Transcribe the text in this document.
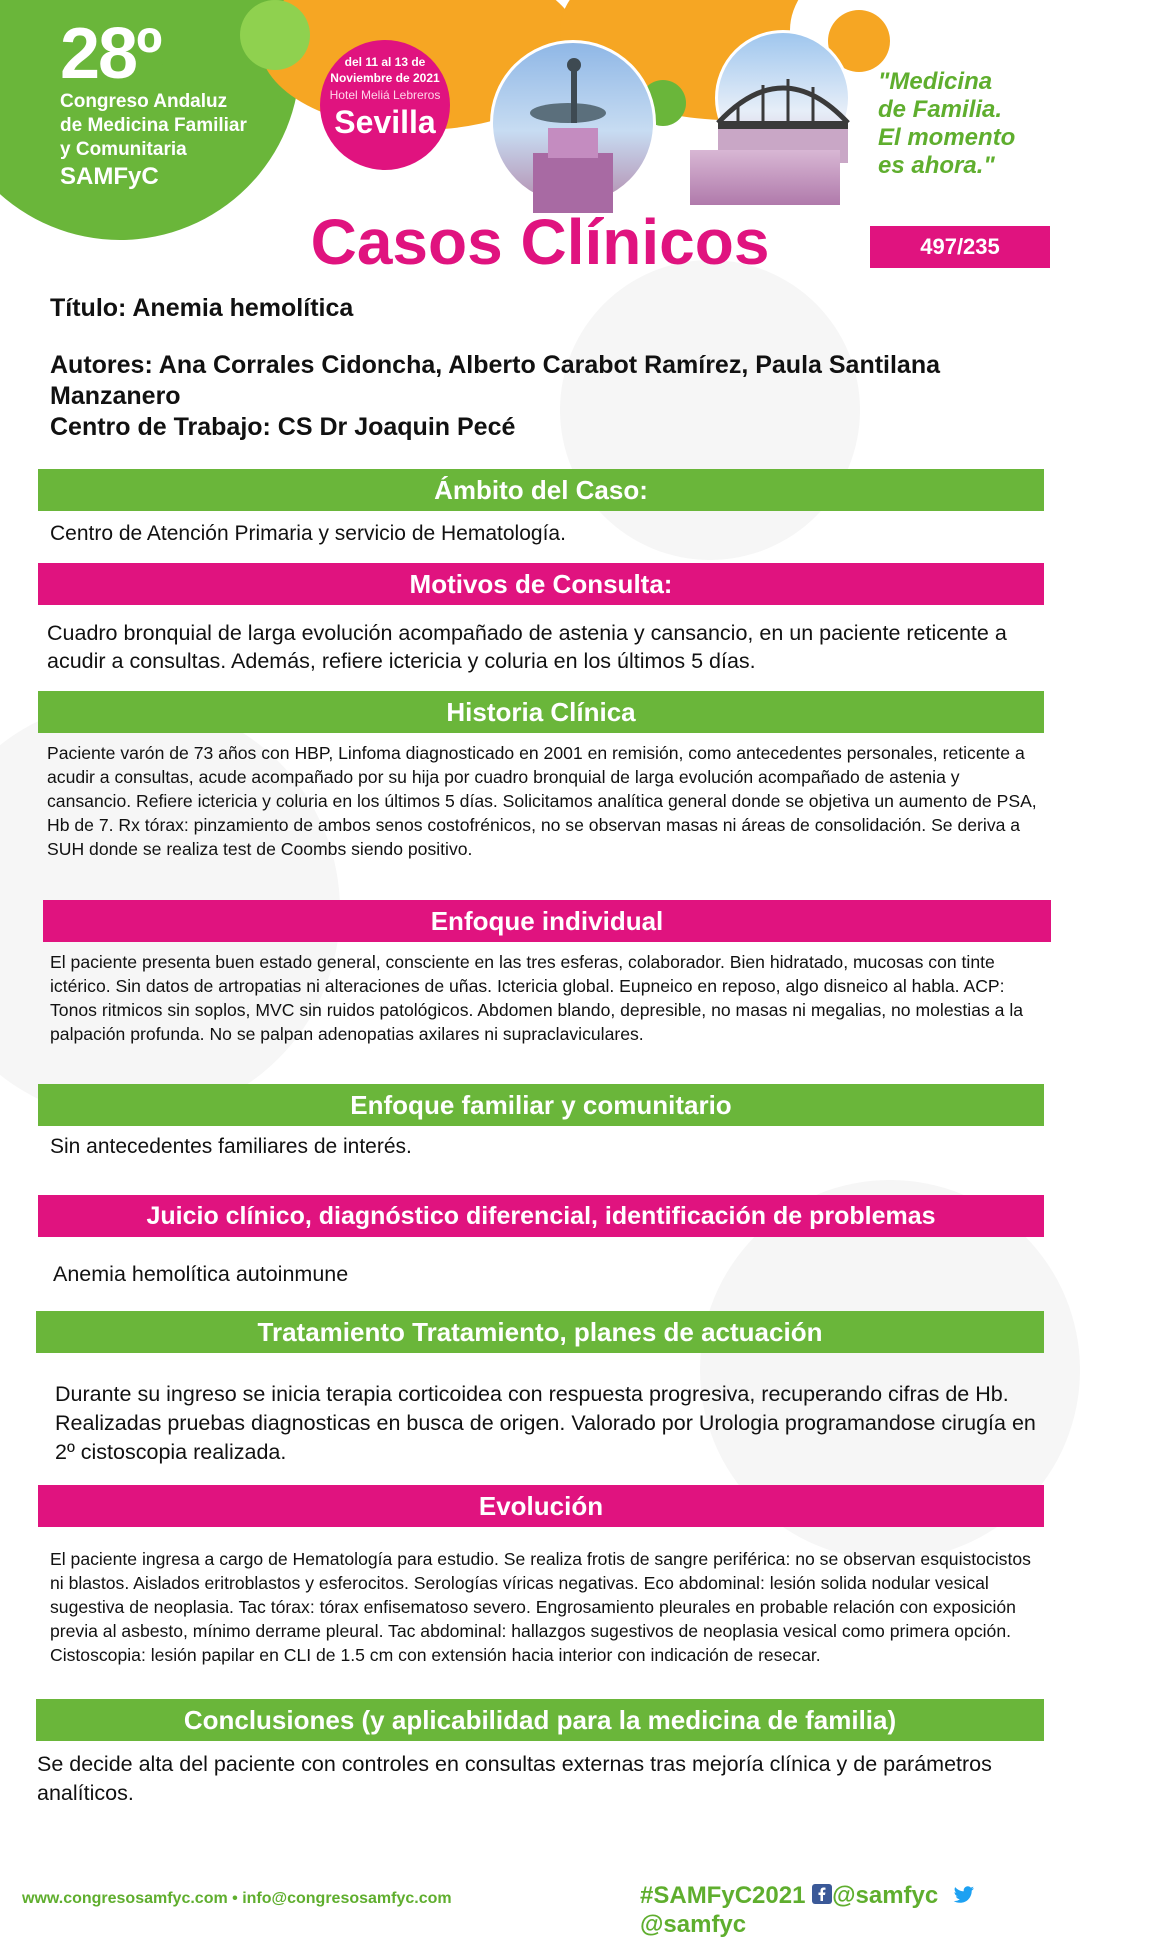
28º
Congreso Andaluz
de Medicina Familiar
y Comunitaria
SAMFyC
del 11 al 13 de
Noviembre de 2021
Hotel Meliá Lebreros
Sevilla
"Medicina
de Familia.
El momento
es ahora."
Casos Clínicos	497/235
Título: Anemia hemolítica
Autores: Ana Corrales Cidoncha, Alberto Carabot Ramírez, Paula Santilana Manzanero
Centro de Trabajo: CS Dr Joaquin Pecé
Ámbito del Caso:
Centro de Atención Primaria y servicio de Hematología.
Motivos de Consulta:
Cuadro bronquial de larga evolución acompañado de astenia y cansancio, en un paciente reticente a acudir a consultas. Además, refiere ictericia y coluria en los últimos 5 días.
Historia Clínica
Paciente varón de 73 años con HBP, Linfoma diagnosticado en 2001 en remisión, como antecedentes personales, reticente a acudir a consultas, acude acompañado por su hija por cuadro bronquial de larga evolución acompañado de astenia y cansancio. Refiere ictericia y coluria en los últimos 5 días. Solicitamos analítica general donde se objetiva un aumento de PSA, Hb de 7. Rx tórax: pinzamiento de ambos senos costofrénicos, no se observan masas ni áreas de consolidación. Se deriva a SUH donde se realiza test de Coombs siendo positivo.
Enfoque individual
El paciente presenta buen estado general, consciente en las tres esferas, colaborador. Bien hidratado, mucosas con tinte ictérico. Sin datos de artropatias ni alteraciones de uñas. Ictericia global. Eupneico en reposo, algo disneico al habla. ACP: Tonos ritmicos sin soplos, MVC sin ruidos patológicos. Abdomen blando, depresible, no masas ni megalias, no molestias a la palpación profunda. No se palpan adenopatias axilares ni supraclaviculares.
Enfoque familiar y comunitario
Sin antecedentes familiares de interés.
Juicio clínico, diagnóstico diferencial, identificación de problemas
Anemia hemolítica autoinmune
Tratamiento Tratamiento, planes de actuación
Durante su ingreso se inicia terapia corticoidea con respuesta progresiva, recuperando cifras de Hb. Realizadas pruebas diagnosticas en busca de origen. Valorado por Urologia programandose cirugía en 2º cistoscopia realizada.
Evolución
El paciente ingresa a cargo de Hematología para estudio. Se realiza frotis de sangre periférica: no se observan esquistocistos ni blastos. Aislados eritroblastos y esferocitos. Serologías víricas negativas. Eco abdominal: lesión solida nodular vesical sugestiva de neoplasia. Tac tórax: tórax enfisematoso severo. Engrosamiento pleurales en probable relación con exposición previa al asbesto, mínimo derrame pleural. Tac abdominal: hallazgos sugestivos de neoplasia vesical como primera opción. Cistoscopia: lesión papilar en CLI de 1.5 cm con extensión hacia interior con indicación de resecar.
Conclusiones (y aplicabilidad para la medicina de familia)
Se decide alta del paciente con controles en consultas externas tras mejoría clínica y de parámetros analíticos.
www.congresosamfyc.com • info@congresosamfyc.com	#SAMFyC2021 @samfyc @samfyc
